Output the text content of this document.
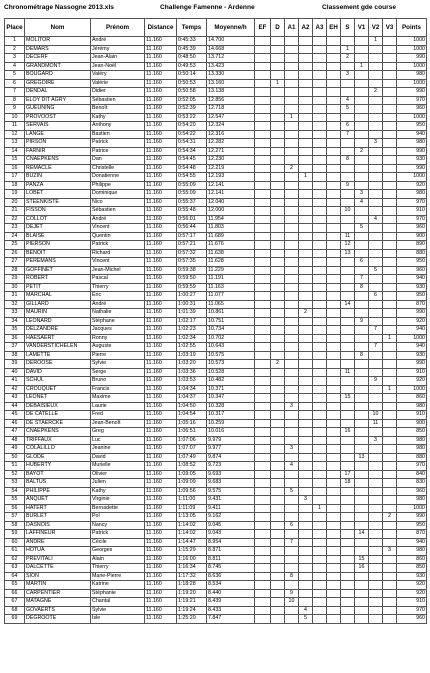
Chronométrage Nassogne 2013.xls	Challenge Famenne - Ardenne	Classement gde course
Place	Nom	Prénom	Distance	Temps	Moyenne/h	EF	D	A1	A2	A3	EH	S	V1	V2	V3	Points
1	MOLITOR	André	11.160	0:45:33	14.700									1		1000
2	DEMARS	Jérémy	11.160	0:45:39	14.668							1				1000
3	DECERF	Jean-Alain	11.160	0:48:50	13.712							2				990
4	GRANDMONT	Jean-Noël	11.160	0:49:53	13.423								1			1000
5	BOUGARD	Valéry	11.160	0:50:14	13.330							3				980
6	GREGOIRE	Valérie	11.160	0:50:53	13.160		1									1000
7	DENDAL	Didier	11.160	0:50:58	13.138									2		990
8	ELOY DIT AGRY	Sébastien	11.160	0:52:05	12.856							4				970
9	GUEUNING	Benoît	11.160	0:52:39	12.718							5				960
10	PROVOOST	Kathy	11.160	0:53:22	12.547			1								1000
11	SERVAIS	Anthony	11.160	0:54:20	12.324							6				950
12	LANGE	Bastien	11.160	0:54:22	12.316							7				940
13	PIRSON	Patrick	11.160	0:54:31	12.282									3		980
14	FARNIR	Patrice	11.160	0:54:34	12.271								2			990
15	CNAEPKENS	Dan	11.160	0:54:45	12.230							8				930
16	REMACLE	Christelle	11.160	0:54:48	12.219			2								990
17	BUZIN	Donatienne	11.160	0:54:55	12.193				1							1000
18	PANZA	Philippe	11.160	0:55:09	12.141							9				920
19	LOBET	Dominique	11.160	0:55:09	12.141								3			980
20	STEENKISTE	Nico	11.160	0:55:37	12.040								4			970
21	FISSON	Sébastien	11.160	0:55:48	12.000							10				910
22	COLLOT	André	11.160	0:56:01	11.954									4		970
23	DEJET	Vincent	11.160	0:56:44	11.803								5			960
24	BLAISE	Quentin	11.160	0:57:17	11.689							11				900
25	PIERSON	Patrick	11.160	0:57:21	11.676							12				890
26	BENOIT	Richard	11.160	0:57:32	11.638							13				880
27	PEREMANS	Vincent	11.160	0:57:35	11.628								6			950
28	GOFFINET	Jean-Michel	11.160	0:59:38	11.229									5		960
29	ROBERT	Pascal	11.160	0:59:50	11.191								7			940
30	PETIT	Thierry	11.160	0:59:59	11.163								8			930
31	MARCHAL	Eric	11.160	1:00:27	11.077									6		950
32	GILLARD	André	11.160	1:00:31	11.065							14				870
33	MAURIN	Nathalie	11.160	1:01:39	10.861				2							990
34	LEONARD	Stéphane	11.160	1:02:17	10.751								9			920
35	DELZANDRE	Jacques	11.160	1:02:23	10.734									7		940
36	HAESAERT	Ronny	11.160	1:02:34	10.702										1	1000
37	VANDERSTICHELEN	Auguste	11.160	1:02:55	10.643									7		940
38	LAMETTE	Pierre	11.160	1:03:19	10.575								8			930
39	DEROOSE	Sylvie	11.160	1:03:20	10.573		2									990
40	DAVID	Serge	11.160	1:03:36	10.528							11				910
41	SCHUL	Bruno	11.160	1:03:53	10.482									9		920
42	CROUQUET	Francis	11.160	1:04:34	10.371										1	1000
43	LEONET	Maxime	11.160	1:04:37	10.347							15				860
44	DEBAISIEUX	Laurie	11.160	1:04:50	10.328			3								980
45	DE CATELLE	Fred	11.160	1:04:54	10.317									10		910
46	DE STAERCKE	Jean-Benoît	11.160	1:05:16	10.259									11		900
47	CNAEPKENS	Greg	11.160	1:06:51	10.016							16				850
48	TRIFFAUX	Luc	11.160	1:07:06	9.979									3		980
49	COLALILLO	Jeanine	11.160	1:07:07	9.977			3								980
50	GLODE	David	11.160	1:07:49	9.874								13			880
51	HUBERTY	Murielle	11.160	1:08:52	9.723			4								970
52	BAYOT	Olivier	11.160	1:09:05	9.693							17				840
53	BALTUS	Julien	11.160	1:09:09	9.683							18				830
54	PHILIPPE	Kathy	11.160	1:09:56	9.575			5								960
55	ANQUET	Virginie	11.160	1:11:00	9.431				3							980
56	HATERT	Bernadette	11.160	1:11:09	9.411					1						1000
57	BURLET	Pol	11.160	1:13:05	9.162										2	990
58	DASNOIS	Nancy	11.160	1:14:02	9.045			6								950
59	LAFFINEUR	Patrick	11.160	1:14:02	9.043								14			870
60	ANDRE	Cécile	11.160	1:14:47	8.954			7								940
61	HOTUA	Georges	11.160	1:15:29	8.871										3	980
62	PREVITALI	Alain	11.160	1:16:00	8.811								15			860
63	DALCETTE	Thierry	11.160	1:16:34	8.745								16			850
64	SION	Marie-Pierre	11.160	1:17:32	8.636			8								930
65	MARTIN	Katrine	11.160	1:18:28	8.534											920
66	CARPENTIER	Stéphanie	11.160	1:19:20	8.440			9								920
67	MATAGNE	Chantal	11.160	1:19:21	8.439			10								910
68	GOVAERTS	Sylvie	11.160	1:19:24	8.433				4							970
69	DEGROOTE	Isle	11.160	1:25:20	7.847				5							960
